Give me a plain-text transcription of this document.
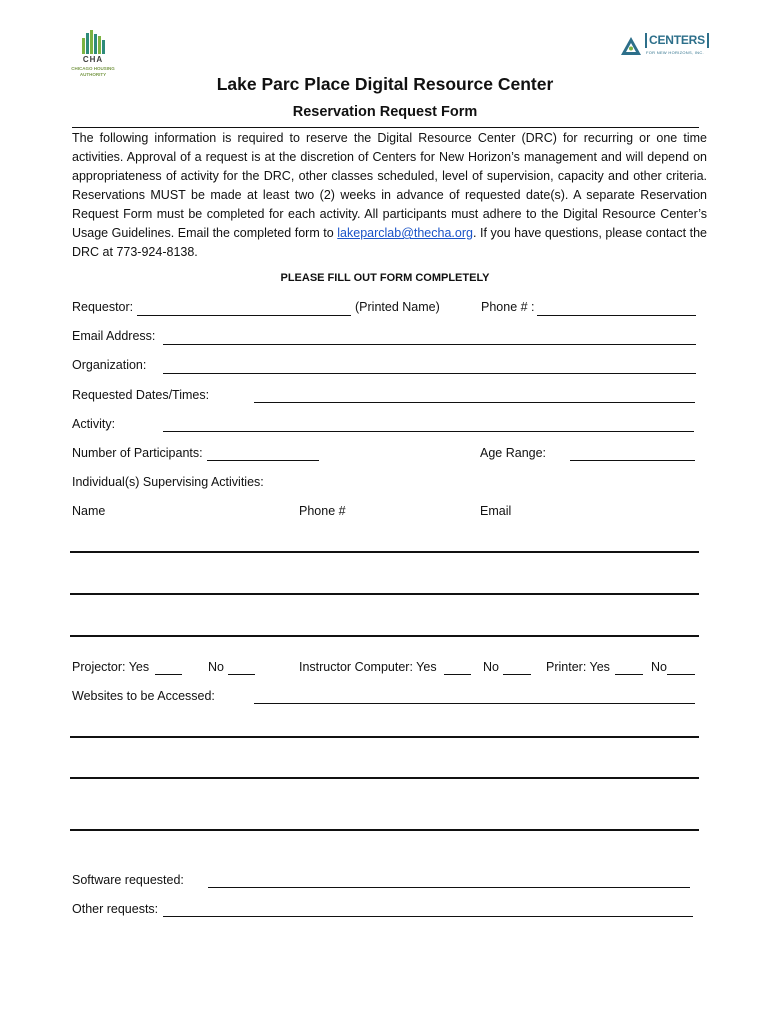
CHA
CHICAGO HOUSING
AUTHORITY
CENTERS
FOR NEW HORIZONS, INC.
Lake Parc Place Digital Resource Center
Reservation Request Form
The following information is required to reserve the Digital Resource Center (DRC) for recurring or one time activities. Approval of a request is at the discretion of Centers for New Horizon’s management and will depend on appropriateness of activity for the DRC, other classes scheduled, level of supervision, capacity and other criteria. Reservations MUST be made at least two (2) weeks in advance of requested date(s). A separate Reservation Request Form must be completed for each activity. All participants must adhere to the Digital Resource Center’s Usage Guidelines. Email the completed form to lakeparclab@thecha.org. If you have questions, please contact the DRC at 773-924-8138.
PLEASE FILL OUT FORM COMPLETELY
Requestor:	(Printed Name)	Phone # :
Email Address:
Organization:
Requested Dates/Times:
Activity:
Number of Participants:	Age Range:
Individual(s) Supervising Activities:
Name	Phone #	Email
Projector: Yes	No	Instructor Computer: Yes	No	Printer: Yes	No
Websites to be Accessed:
Software requested:
Other requests:
